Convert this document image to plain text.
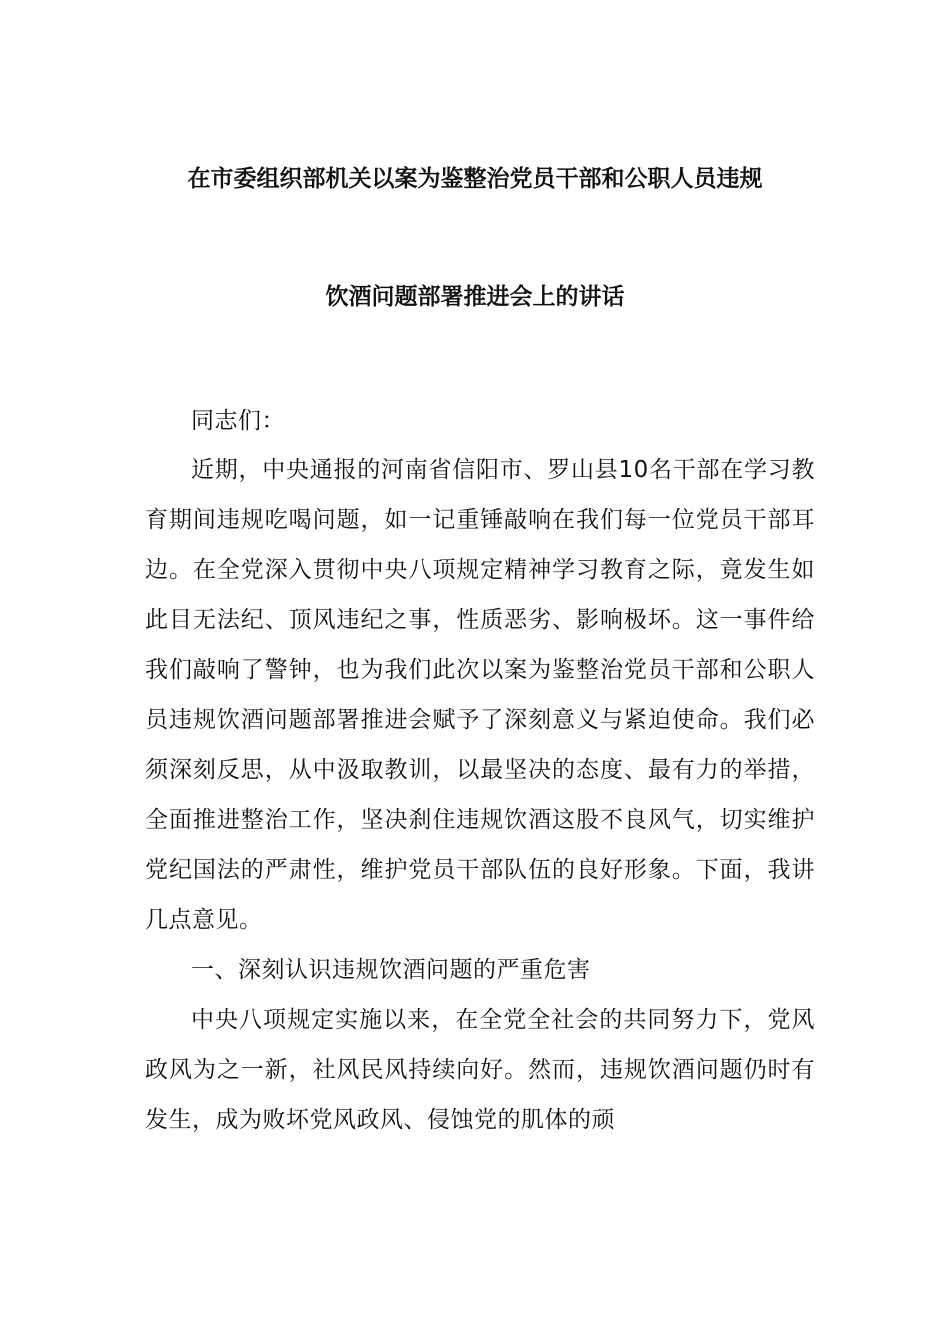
在市委组织部机关以案为鉴整治党员干部和公职人员违规
饮酒问题部署推进会上的讲话

同志们：

近期，中央通报的河南省信阳市、罗山县10名干部在学习教育期间违规吃喝问题，如一记重锤敲响在我们每一位党员干部耳边。在全党深入贯彻中央八项规定精神学习教育之际，竟发生如此目无法纪、顶风违纪之事，性质恶劣、影响极坏。这一事件给我们敲响了警钟，也为我们此次以案为鉴整治党员干部和公职人员违规饮酒问题部署推进会赋予了深刻意义与紧迫使命。我们必须深刻反思，从中汲取教训，以最坚决的态度、最有力的举措，全面推进整治工作，坚决刹住违规饮酒这股不良风气，切实维护党纪国法的严肃性，维护党员干部队伍的良好形象。下面，我讲几点意见。

一、深刻认识违规饮酒问题的严重危害

中央八项规定实施以来，在全党全社会的共同努力下，党风政风为之一新，社风民风持续向好。然而，违规饮酒问题仍时有发生，成为败坏党风政风、侵蚀党的肌体的顽
